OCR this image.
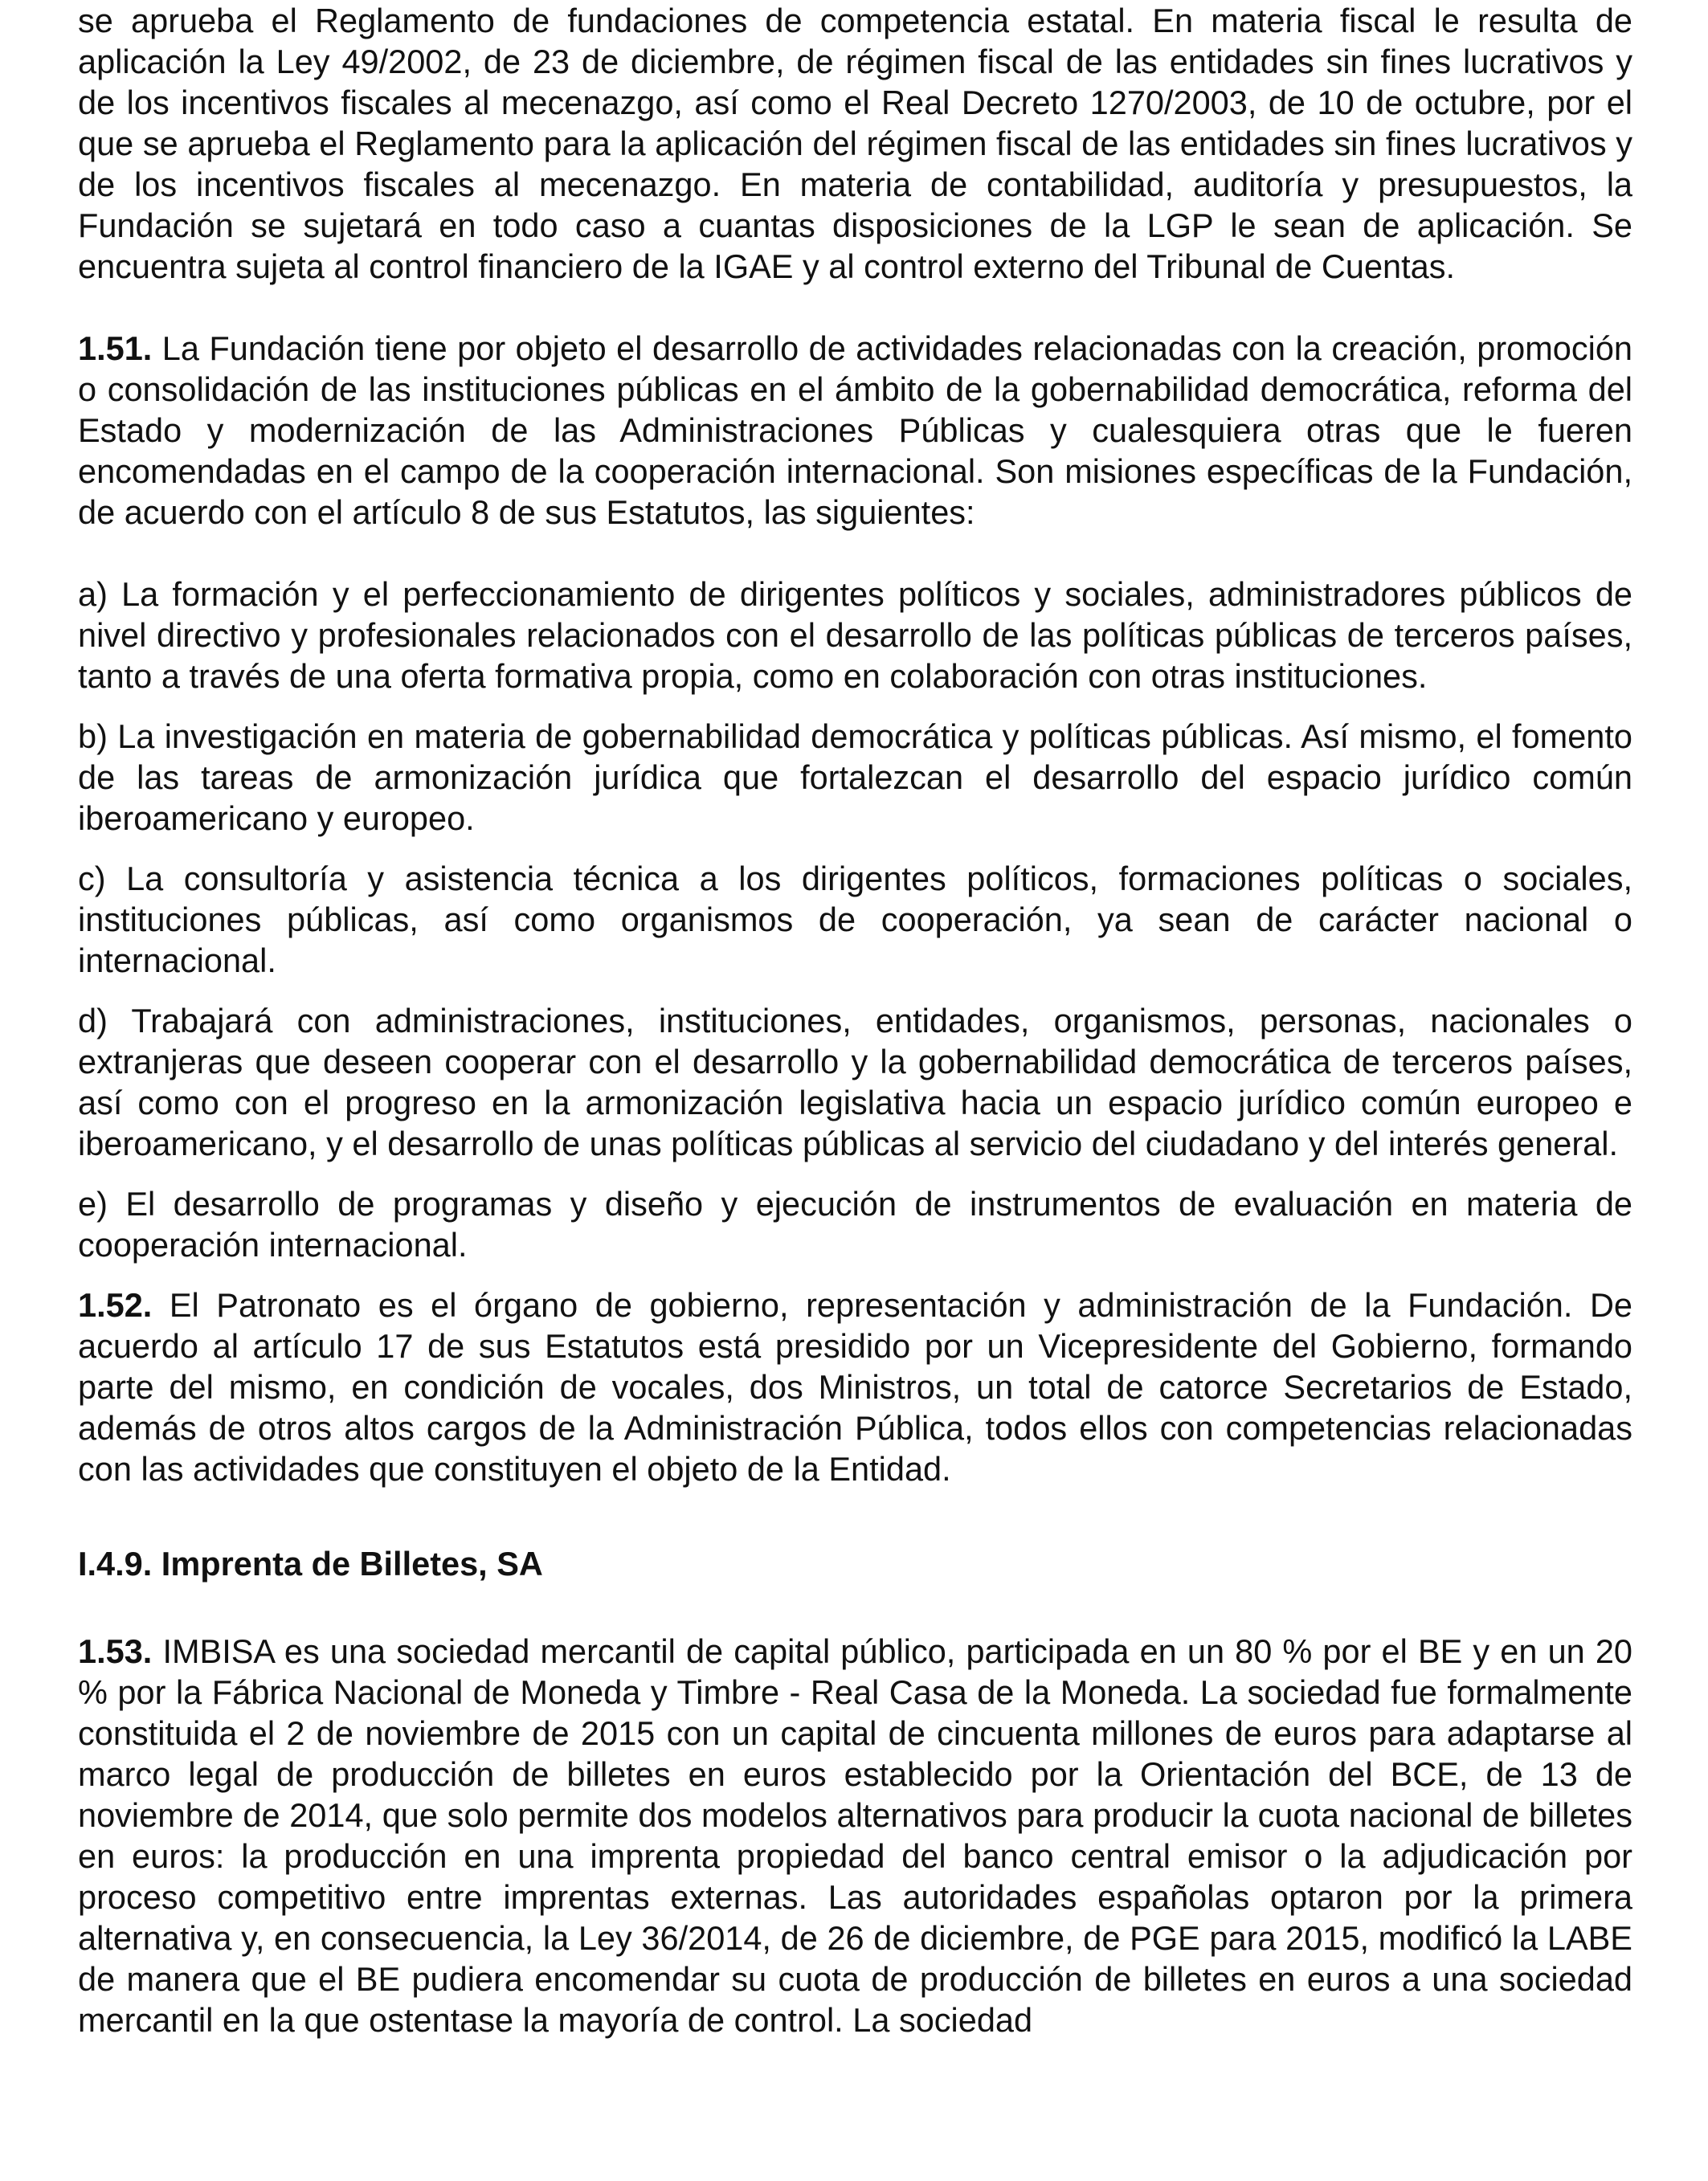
se aprueba el Reglamento de fundaciones de competencia estatal. En materia fiscal le resulta de aplicación la Ley 49/2002, de 23 de diciembre, de régimen fiscal de las entidades sin fines lucrativos y de los incentivos fiscales al mecenazgo, así como el Real Decreto 1270/2003, de 10 de octubre, por el que se aprueba el Reglamento para la aplicación del régimen fiscal de las entidades sin fines lucrativos y de los incentivos fiscales al mecenazgo. En materia de contabilidad, auditoría y presupuestos, la Fundación se sujetará en todo caso a cuantas disposiciones de la LGP le sean de aplicación. Se encuentra sujeta al control financiero de la IGAE y al control externo del Tribunal de Cuentas.

1.51. La Fundación tiene por objeto el desarrollo de actividades relacionadas con la creación, promoción o consolidación de las instituciones públicas en el ámbito de la gobernabilidad democrática, reforma del Estado y modernización de las Administraciones Públicas y cualesquiera otras que le fueren encomendadas en el campo de la cooperación internacional. Son misiones específicas de la Fundación, de acuerdo con el artículo 8 de sus Estatutos, las siguientes:

a) La formación y el perfeccionamiento de dirigentes políticos y sociales, administradores públicos de nivel directivo y profesionales relacionados con el desarrollo de las políticas públicas de terceros países, tanto a través de una oferta formativa propia, como en colaboración con otras instituciones.

b) La investigación en materia de gobernabilidad democrática y políticas públicas. Así mismo, el fomento de las tareas de armonización jurídica que fortalezcan el desarrollo del espacio jurídico común iberoamericano y europeo.

c) La consultoría y asistencia técnica a los dirigentes políticos, formaciones políticas o sociales, instituciones públicas, así como organismos de cooperación, ya sean de carácter nacional o internacional.

d) Trabajará con administraciones, instituciones, entidades, organismos, personas, nacionales o extranjeras que deseen cooperar con el desarrollo y la gobernabilidad democrática de terceros países, así como con el progreso en la armonización legislativa hacia un espacio jurídico común europeo e iberoamericano, y el desarrollo de unas políticas públicas al servicio del ciudadano y del interés general.

e) El desarrollo de programas y diseño y ejecución de instrumentos de evaluación en materia de cooperación internacional.

1.52. El Patronato es el órgano de gobierno, representación y administración de la Fundación. De acuerdo al artículo 17 de sus Estatutos está presidido por un Vicepresidente del Gobierno, formando parte del mismo, en condición de vocales, dos Ministros, un total de catorce Secretarios de Estado, además de otros altos cargos de la Administración Pública, todos ellos con competencias relacionadas con las actividades que constituyen el objeto de la Entidad.

I.4.9. Imprenta de Billetes, SA

1.53. IMBISA es una sociedad mercantil de capital público, participada en un 80 % por el BE y en un 20 % por la Fábrica Nacional de Moneda y Timbre - Real Casa de la Moneda. La sociedad fue formalmente constituida el 2 de noviembre de 2015 con un capital de cincuenta millones de euros para adaptarse al marco legal de producción de billetes en euros establecido por la Orientación del BCE, de 13 de noviembre de 2014, que solo permite dos modelos alternativos para producir la cuota nacional de billetes en euros: la producción en una imprenta propiedad del banco central emisor o la adjudicación por proceso competitivo entre imprentas externas. Las autoridades españolas optaron por la primera alternativa y, en consecuencia, la Ley 36/2014, de 26 de diciembre, de PGE para 2015, modificó la LABE de manera que el BE pudiera encomendar su cuota de producción de billetes en euros a una sociedad mercantil en la que ostentase la mayoría de control. La sociedad
